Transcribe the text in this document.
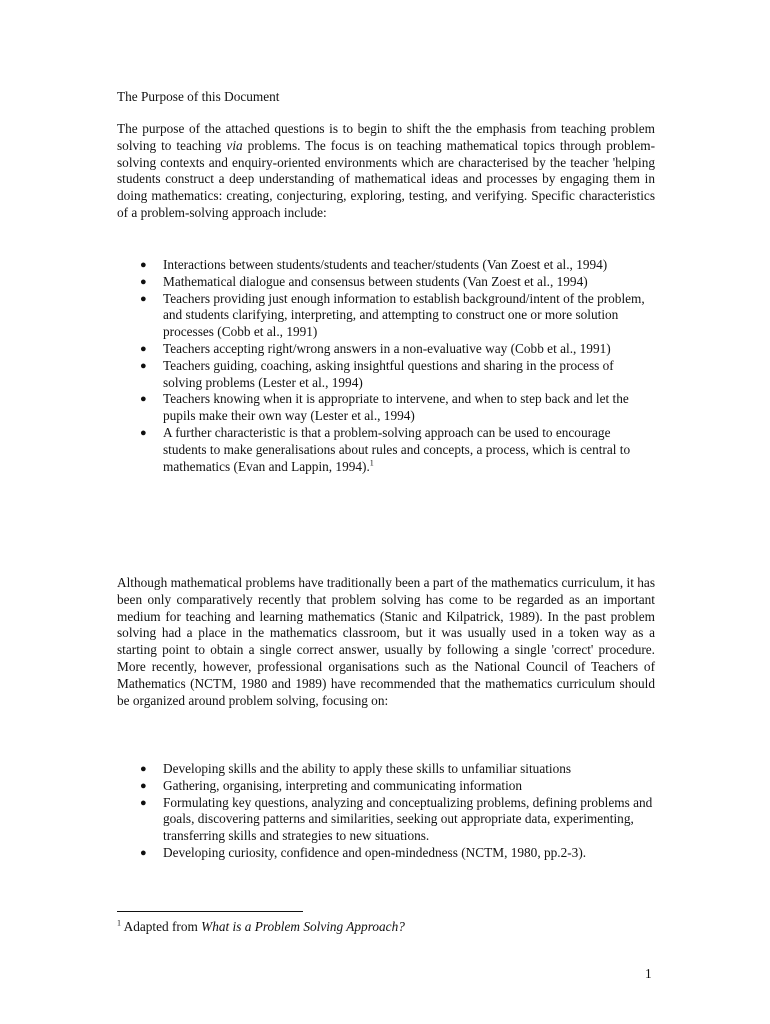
The Purpose of this Document

The purpose of the attached questions is to begin to shift the the emphasis from teaching problem solving to teaching via problems. The focus is on teaching mathematical topics through problem-solving contexts and enquiry-oriented environments which are characterised by the teacher 'helping students construct a deep understanding of mathematical ideas and processes by engaging them in doing mathematics: creating, conjecturing, exploring, testing, and verifying. Specific characteristics of a problem-solving approach include:

● Interactions between students/students and teacher/students (Van Zoest et al., 1994)
● Mathematical dialogue and consensus between students (Van Zoest et al., 1994)
● Teachers providing just enough information to establish background/intent of the problem, and students clarifying, interpreting, and attempting to construct one or more solution processes (Cobb et al., 1991)
● Teachers accepting right/wrong answers in a non-evaluative way (Cobb et al., 1991)
● Teachers guiding, coaching, asking insightful questions and sharing in the process of solving problems (Lester et al., 1994)
● Teachers knowing when it is appropriate to intervene, and when to step back and let the pupils make their own way (Lester et al., 1994)
● A further characteristic is that a problem-solving approach can be used to encourage students to make generalisations about rules and concepts, a process, which is central to mathematics (Evan and Lappin, 1994).$^1$

Although mathematical problems have traditionally been a part of the mathematics curriculum, it has been only comparatively recently that problem solving has come to be regarded as an important medium for teaching and learning mathematics (Stanic and Kilpatrick, 1989). In the past problem solving had a place in the mathematics classroom, but it was usually used in a token way as a starting point to obtain a single correct answer, usually by following a single 'correct' procedure. More recently, however, professional organisations such as the National Council of Teachers of Mathematics (NCTM, 1980 and 1989) have recommended that the mathematics curriculum should be organized around problem solving, focusing on:

● Developing skills and the ability to apply these skills to unfamiliar situations
● Gathering, organising, interpreting and communicating information
● Formulating key questions, analyzing and conceptualizing problems, defining problems and goals, discovering patterns and similarities, seeking out appropriate data, experimenting, transferring skills and strategies to new situations.
● Developing curiosity, confidence and open-mindedness (NCTM, 1980, pp.2-3).
$^1$ Adapted from What is a Problem Solving Approach?
1
